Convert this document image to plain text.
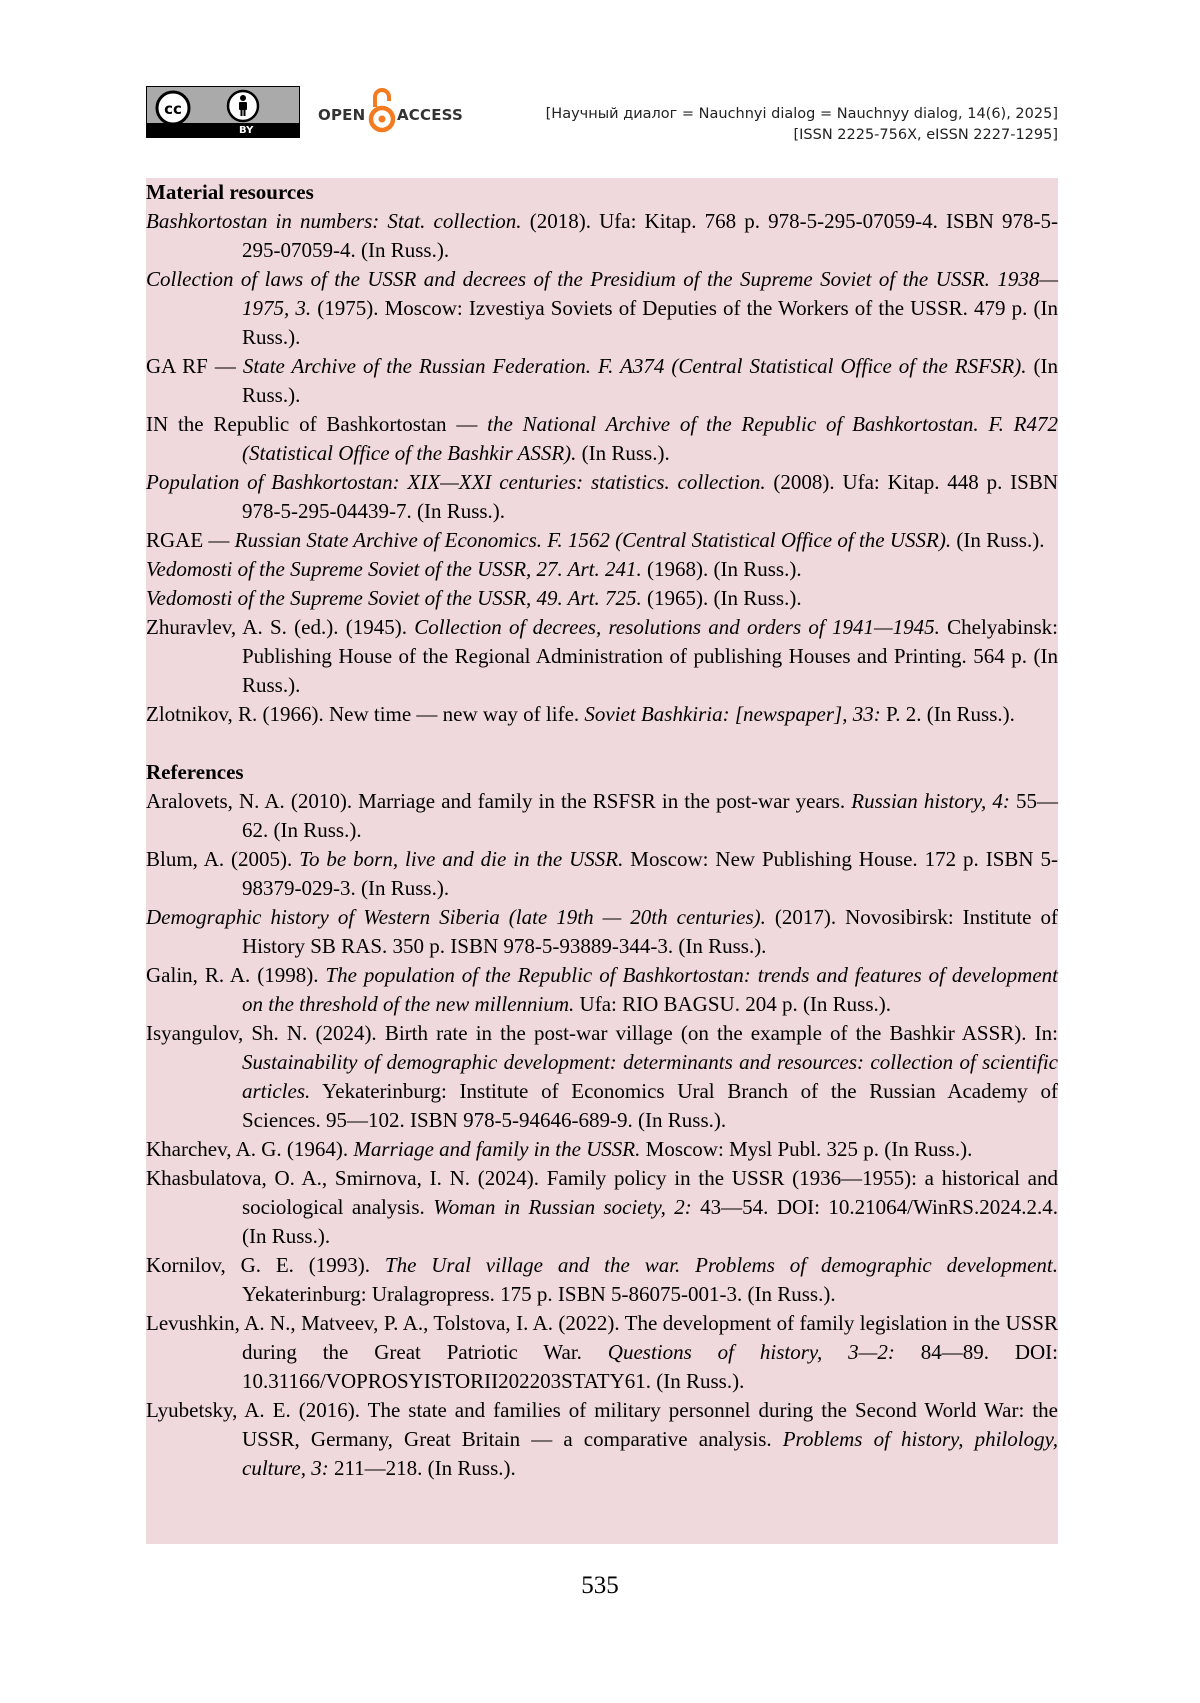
cc
BY
OPEN ACCESS	[Научный диалог = Nauchnyi dialog = Nauchnyy dialog, 14(6), 2025]
[ISSN 2225-756X, eISSN 2227-1295]

Material resources

Bashkortostan in numbers: Stat. collection. (2018). Ufa: Kitap. 768 p. 978-5-295-07059-4. ISBN 978-5-295-07059-4. (In Russ.).

Collection of laws of the USSR and decrees of the Presidium of the Supreme Soviet of the USSR. 1938—1975, 3. (1975). Moscow: Izvestiya Soviets of Deputies of the Workers of the USSR. 479 p. (In Russ.).

GA RF — State Archive of the Russian Federation. F. A374 (Central Statistical Office of the RSFSR). (In Russ.).

IN the Republic of Bashkortostan — the National Archive of the Republic of Bashkortostan. F. R472 (Statistical Office of the Bashkir ASSR). (In Russ.).

Population of Bashkortostan: XIX—XXI centuries: statistics. collection. (2008). Ufa: Kitap. 448 p. ISBN 978-5-295-04439-7. (In Russ.).

RGAE — Russian State Archive of Economics. F. 1562 (Central Statistical Office of the USSR). (In Russ.).

Vedomosti of the Supreme Soviet of the USSR, 27. Art. 241. (1968). (In Russ.).

Vedomosti of the Supreme Soviet of the USSR, 49. Art. 725. (1965). (In Russ.).

Zhuravlev, A. S. (ed.). (1945). Collection of decrees, resolutions and orders of 1941—1945. Chelyabinsk: Publishing House of the Regional Administration of publishing Houses and Printing. 564 p. (In Russ.).

Zlotnikov, R. (1966). New time — new way of life. Soviet Bashkiria: [newspaper], 33: P. 2. (In Russ.).

References

Aralovets, N. A. (2010). Marriage and family in the RSFSR in the post-war years. Russian history, 4: 55—62. (In Russ.).

Blum, A. (2005). To be born, live and die in the USSR. Moscow: New Publishing House. 172 p. ISBN 5-98379-029-3. (In Russ.).

Demographic history of Western Siberia (late 19th — 20th centuries). (2017). Novosibirsk: Institute of History SB RAS. 350 p. ISBN 978-5-93889-344-3. (In Russ.).

Galin, R. A. (1998). The population of the Republic of Bashkortostan: trends and features of development on the threshold of the new millennium. Ufa: RIO BAGSU. 204 p. (In Russ.).

Isyangulov, Sh. N. (2024). Birth rate in the post-war village (on the example of the Bashkir ASSR). In: Sustainability of demographic development: determinants and resources: collection of scientific articles. Yekaterinburg: Institute of Economics Ural Branch of the Russian Academy of Sciences. 95—102. ISBN 978-5-94646-689-9. (In Russ.).

Kharchev, A. G. (1964). Marriage and family in the USSR. Moscow: Mysl Publ. 325 p. (In Russ.).

Khasbulatova, O. A., Smirnova, I. N. (2024). Family policy in the USSR (1936—1955): a historical and sociological analysis. Woman in Russian society, 2: 43—54. DOI: 10.21064/WinRS.2024.2.4. (In Russ.).

Kornilov, G. E. (1993). The Ural village and the war. Problems of demographic development. Yekaterinburg: Uralagropress. 175 p. ISBN 5-86075-001-3. (In Russ.).

Levushkin, A. N., Matveev, P. A., Tolstova, I. A. (2022). The development of family legislation in the USSR during the Great Patriotic War. Questions of history, 3—2: 84—89. DOI: 10.31166/VOPROSYISTORII202203STATY61. (In Russ.).

Lyubetsky, A. E. (2016). The state and families of military personnel during the Second World War: the USSR, Germany, Great Britain — a comparative analysis. Problems of history, philology, culture, 3: 211—218. (In Russ.).

535
